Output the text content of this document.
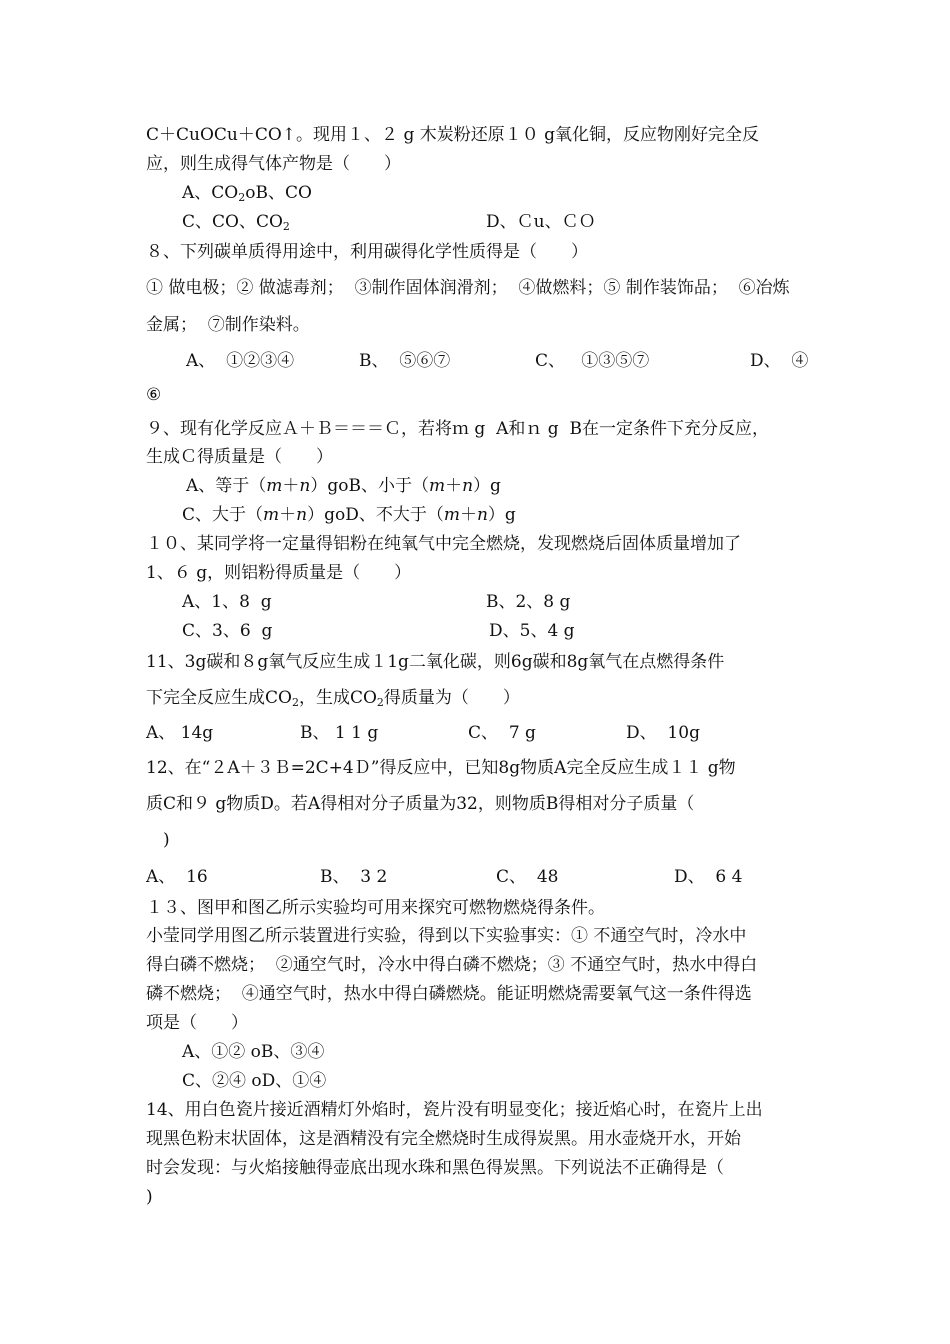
C＋CuOCu＋CO↑。现用１、２ g 木炭粉还原１０ g氧化铜，反应物刚好完全反
应，则生成得气体产物是（　　）
A、$CO_2oB$、CO
C、CO、$CO_2$	D、Ｃu、ＣＯ
８、下列碳单质得用途中，利用碳得化学性质得是（　　）
① 做电极；② 做滤毒剂；  ③制作固体润滑剂；  ④做燃料；⑤ 制作装饰品；  ⑥冶炼
金属；  ⑦制作染料。
A、  ①②③④	B、  ⑤⑥⑦	C、   ①③⑤⑦	D、  ④
⑥
９、现有化学反应Ａ＋Ｂ＝＝＝Ｃ，若将ｍ g  A和ｎ g  B在一定条件下充分反应，
生成Ｃ得质量是（　　）
A、等于（m＋n）goB、小于（m＋n）g
C、大于（m＋n）goD、不大于（m＋n）g
１０、某同学将一定量得铝粉在纯氧气中完全燃烧，发现燃烧后固体质量增加了
1、６ g，则铝粉得质量是（　　）
A、1、8  g	B、2、8 g
C、3、6  g	D、5、4 g
11、3g碳和８g氧气反应生成１1g二氧化碳，则6g碳和8g氧气在点燃得条件
下完全反应生成$CO_2$，生成$CO_2$得质量为（　　）
A、 14g	B、 1 1 g	C、  7 g	D、  10g
12、在“２A＋３Ｂ=2C+4Ｄ”得反应中，已知8g物质A完全反应生成１１ g物
质C和９ g物质D。若A得相对分子质量为32，则物质B得相对分子质量（
)
A、  16	B、  3 2	C、  48	D、  6 4
１３、图甲和图乙所示实验均可用来探究可燃物燃烧得条件。
小莹同学用图乙所示装置进行实验，得到以下实验事实：① 不通空气时，冷水中
得白磷不燃烧；  ②通空气时，冷水中得白磷不燃烧；③ 不通空气时，热水中得白
磷不燃烧；  ④通空气时，热水中得白磷燃烧。能证明燃烧需要氧气这一条件得选
项是（　　）
A、①② oB、③④
C、②④ oD、①④
14、用白色瓷片接近酒精灯外焰时，瓷片没有明显变化；接近焰心时，在瓷片上出
现黑色粉末状固体，这是酒精没有完全燃烧时生成得炭黑。用水壶烧开水，开始
时会发现：与火焰接触得壶底出现水珠和黑色得炭黑。下列说法不正确得是（
)
